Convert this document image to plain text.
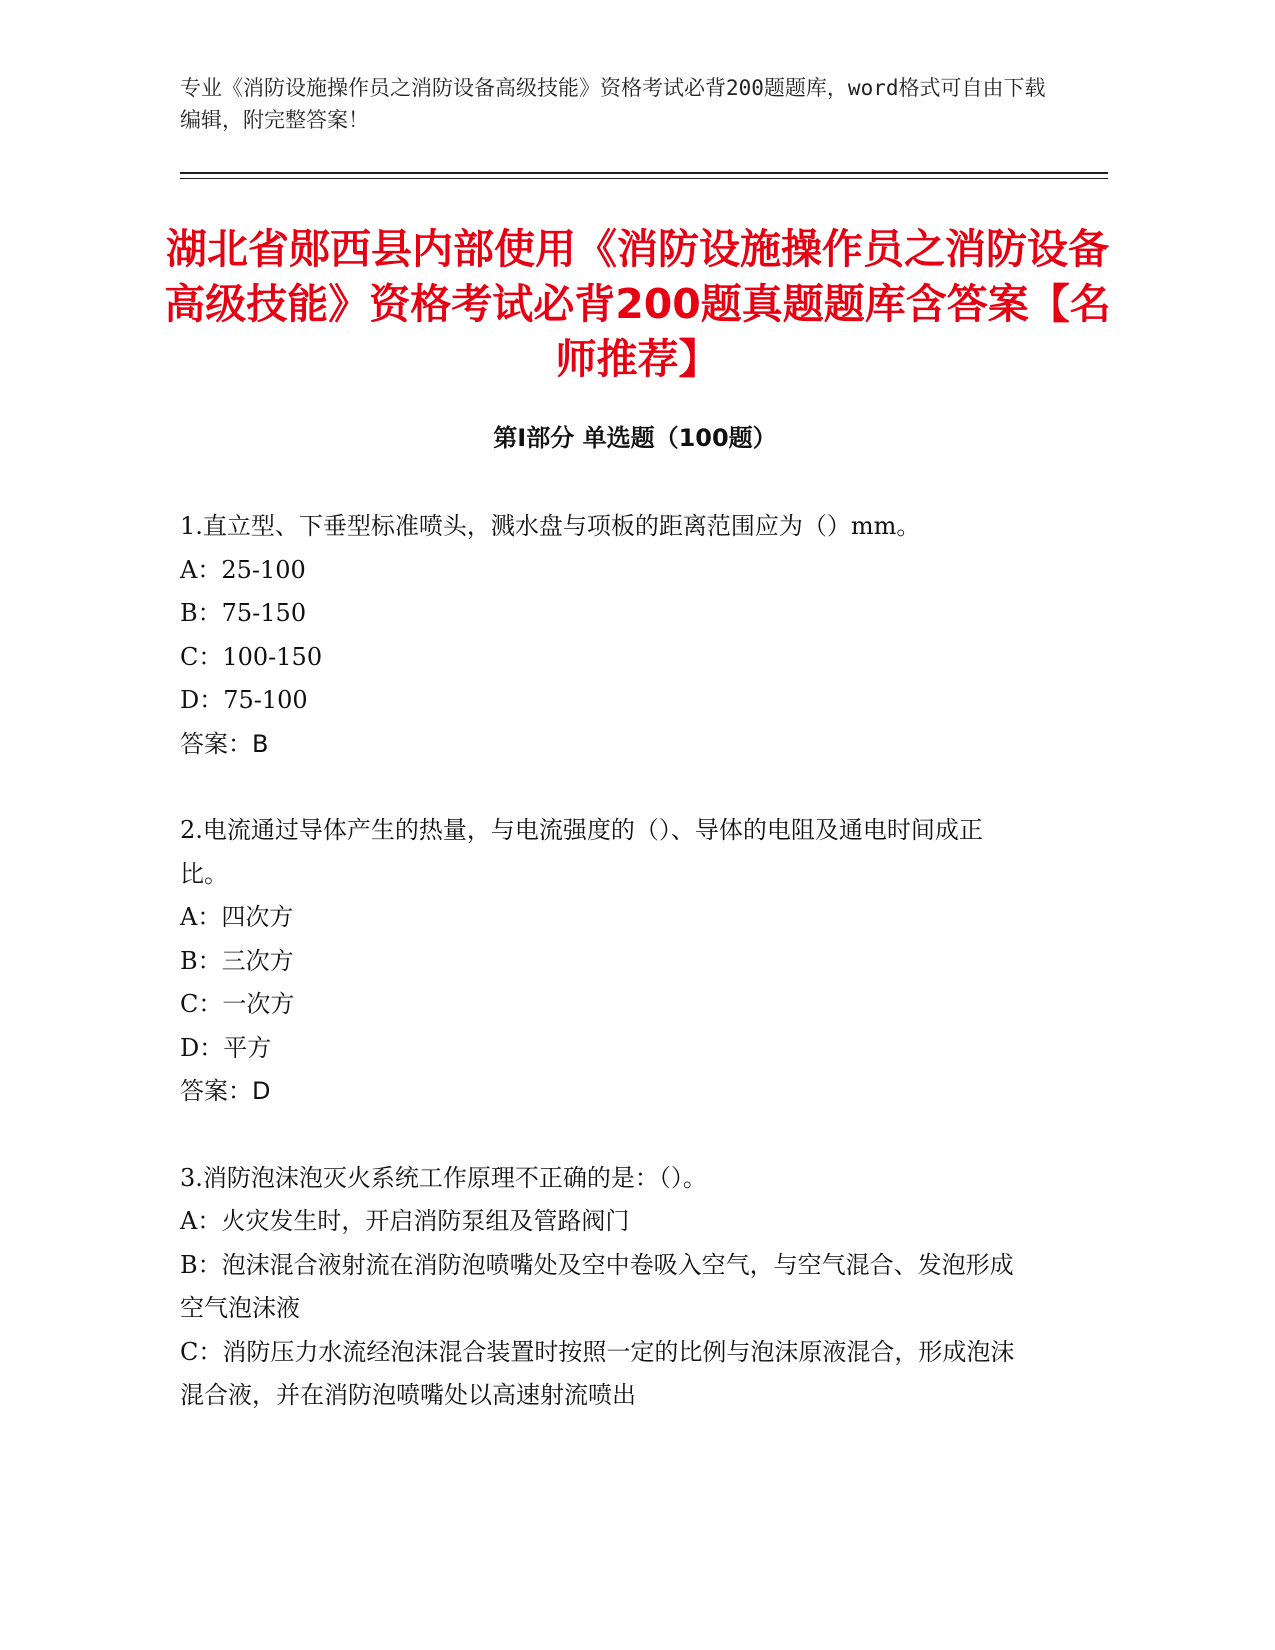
专业《消防设施操作员之消防设备高级技能》资格考试必背200题题库，word格式可自由下载编辑，附完整答案！
湖北省郧西县内部使用《消防设施操作员之消防设备高级技能》资格考试必背200题真题题库含答案【名师推荐】
第Ⅰ部分 单选题（100题）
1.直立型、下垂型标准喷头，溅水盘与项板的距离范围应为（）mm。
A：25-100
B：75-150
C：100-150
D：75-100
答案：B
2.电流通过导体产生的热量，与电流强度的（）、导体的电阻及通电时间成正比。
A：四次方
B：三次方
C：一次方
D：平方
答案：D
3.消防泡沫泡灭火系统工作原理不正确的是：（）。
A：火灾发生时，开启消防泵组及管路阀门
B：泡沫混合液射流在消防泡喷嘴处及空中卷吸入空气，与空气混合、发泡形成空气泡沫液
C：消防压力水流经泡沫混合装置时按照一定的比例与泡沫原液混合，形成泡沫混合液，并在消防泡喷嘴处以高速射流喷出
